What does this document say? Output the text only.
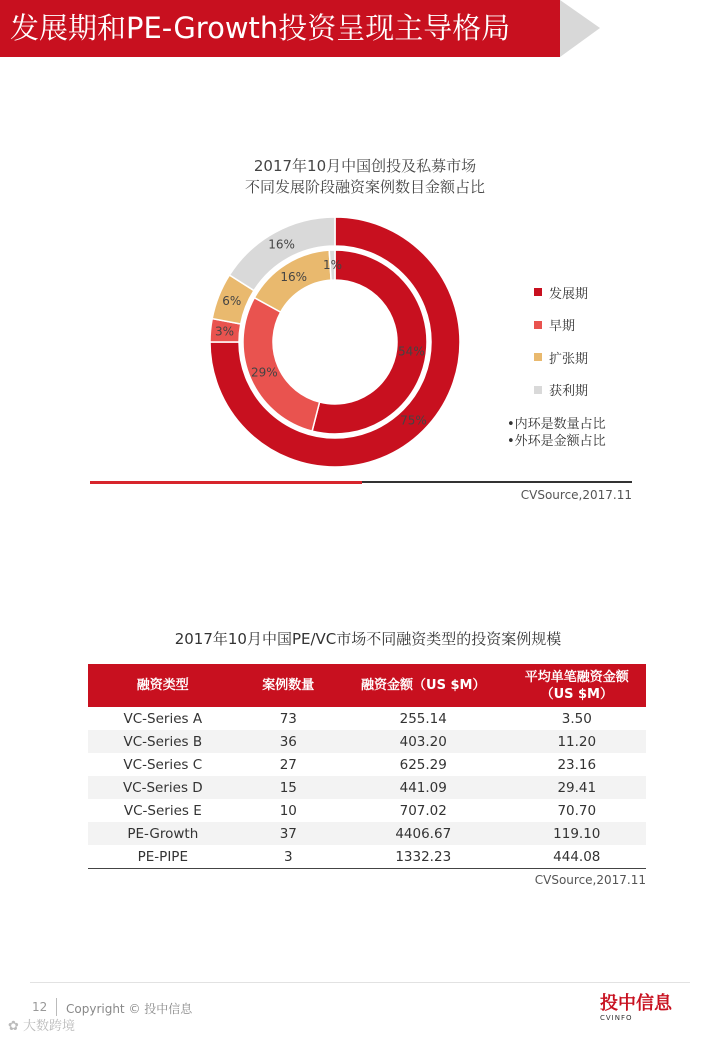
发展期和PE-Growth投资呈现主导格局
2017年10月中国创投及私募市场
不同发展阶段融资案例数目金额占比
75%
3%
6%
16%
54%
29%
16%
1%
发展期
早期
扩张期
获利期
•内环是数量占比
•外环是金额占比
CVSource,2017.11
2017年10月中国PE/VC市场不同融资类型的投资案例规模
融资类型	案例数量	融资金额（US $M）	平均单笔融资金额（US $M）
VC-Series A	73	255.14	3.50
VC-Series B	36	403.20	11.20
VC-Series C	27	625.29	23.16
VC-Series D	15	441.09	29.41
VC-Series E	10	707.02	70.70
PE-Growth	37	4406.67	119.10
PE-PIPE	3	1332.23	444.08
CVSource,2017.11
12 Copyright © 投中信息
✿ 大数跨境
投中信息
CVINFO
